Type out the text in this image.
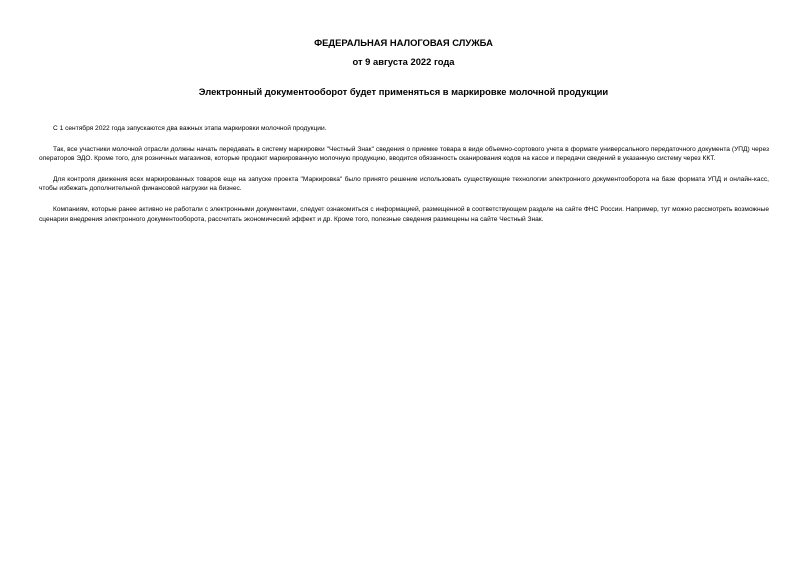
ФЕДЕРАЛЬНАЯ НАЛОГОВАЯ СЛУЖБА

от 9 августа 2022 года

Электронный документооборот будет применяться в маркировке молочной продукции

С 1 сентября 2022 года запускаются два важных этапа маркировки молочной продукции.

Так, все участники молочной отрасли должны начать передавать в систему маркировки "Честный Знак" сведения о приемке товара в виде объемно-сортового учета в формате универсального передаточного документа (УПД) через операторов ЭДО. Кроме того, для розничных магазинов, которые продают маркированную молочную продукцию, вводится обязанность сканирования кодов на кассе и передачи сведений в указанную систему через ККТ.

Для контроля движения всех маркированных товаров еще на запуске проекта "Маркировка" было принято решение использовать существующие технологии электронного документооборота на базе формата УПД и онлайн-касс, чтобы избежать дополнительной финансовой нагрузки на бизнес.

Компаниям, которые ранее активно не работали с электронными документами, следует ознакомиться с информацией, размещенной в соответствующем разделе на сайте ФНС России. Например, тут можно рассмотреть возможные сценарии внедрения электронного документооборота, рассчитать экономический эффект и др. Кроме того, полезные сведения размещены на сайте Честный Знак.
